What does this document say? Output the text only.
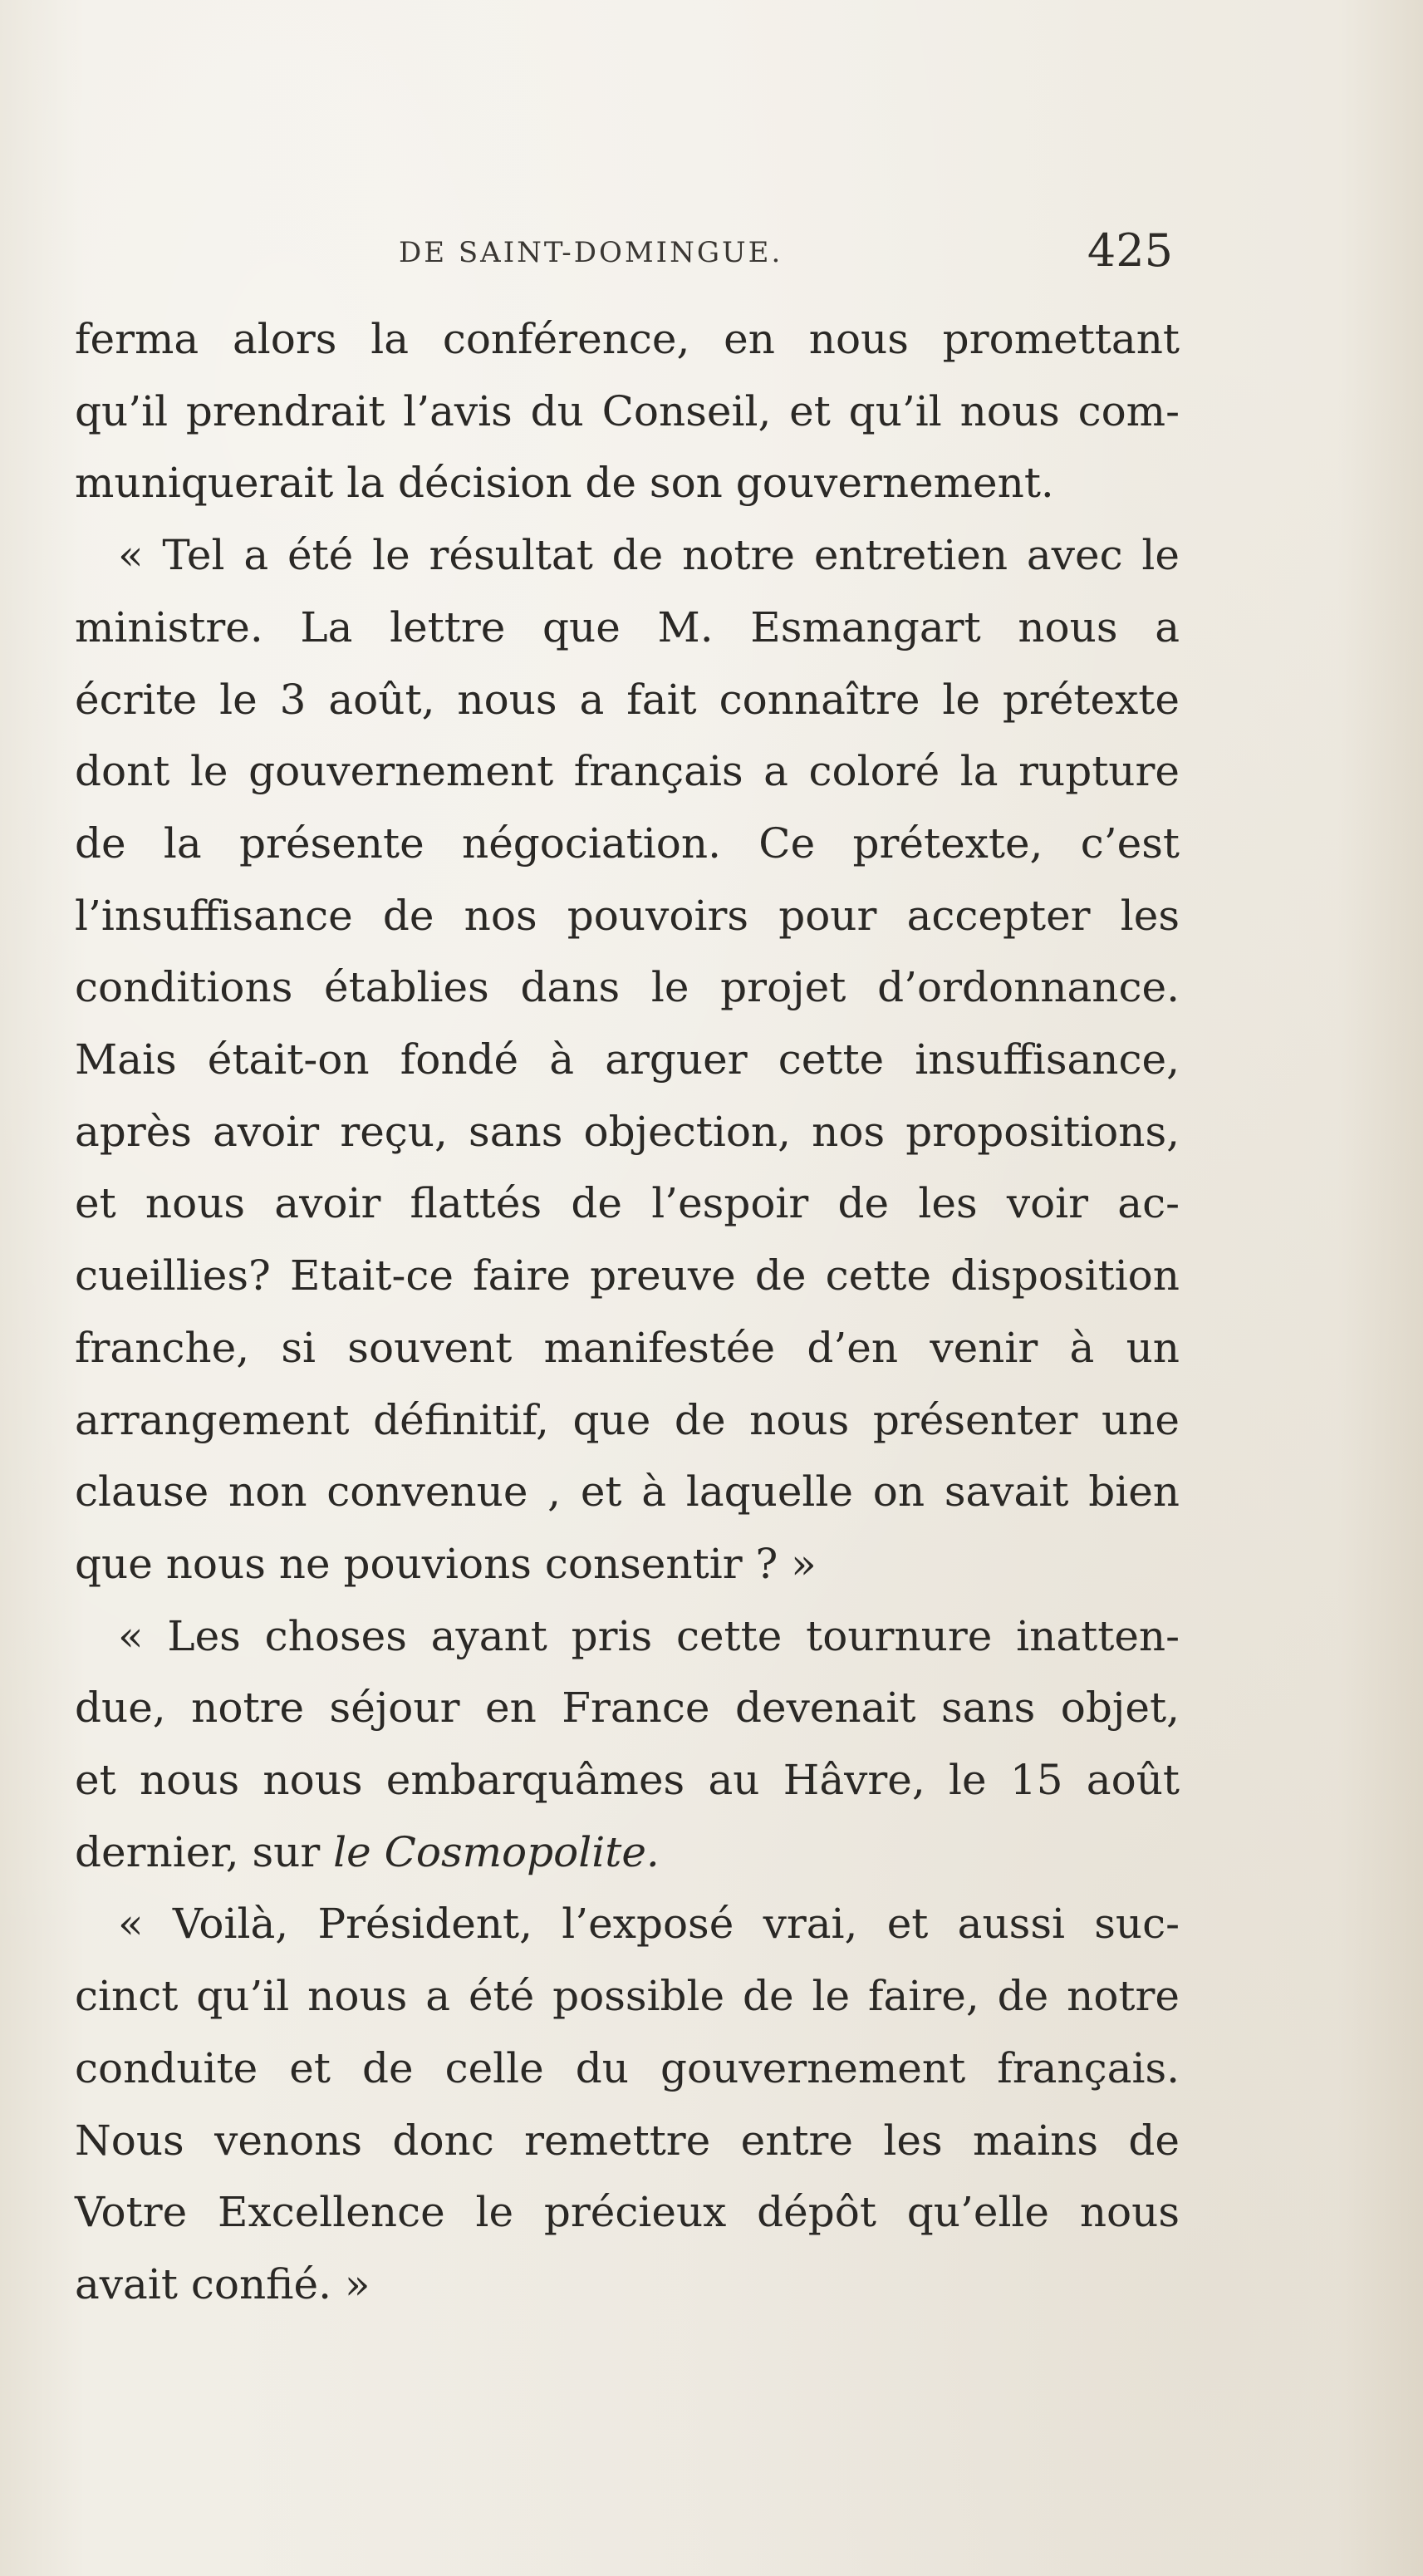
DE SAINT-DOMINGUE.	425

ferma alors la conférence, en nous promettant
qu’il prendrait l’avis du Conseil, et qu’il nous com-
muniquerait la décision de son gouvernement.

« Tel a été le résultat de notre entretien avec le
ministre. La lettre que M. Esmangart nous a
écrite le 3 août, nous a fait connaître le prétexte
dont le gouvernement français a coloré la rupture
de la présente négociation. Ce prétexte, c’est
l’insuffisance de nos pouvoirs pour accepter les
conditions établies dans le projet d’ordonnance.
Mais était-on fondé à arguer cette insuffisance,
après avoir reçu, sans objection, nos propositions,
et nous avoir flattés de l’espoir de les voir ac-
cueillies? Etait-ce faire preuve de cette disposition
franche, si souvent manifestée d’en venir à un
arrangement définitif, que de nous présenter une
clause non convenue , et à laquelle on savait bien
que nous ne pouvions consentir ? »

« Les choses ayant pris cette tournure inatten-
due, notre séjour en France devenait sans objet,
et nous nous embarquâmes au Hâvre, le 15 août
dernier, sur le Cosmopolite.

« Voilà, Président, l’exposé vrai, et aussi suc-
cinct qu’il nous a été possible de le faire, de notre
conduite et de celle du gouvernement français.
Nous venons donc remettre entre les mains de
Votre Excellence le précieux dépôt qu’elle nous
avait confié. »
